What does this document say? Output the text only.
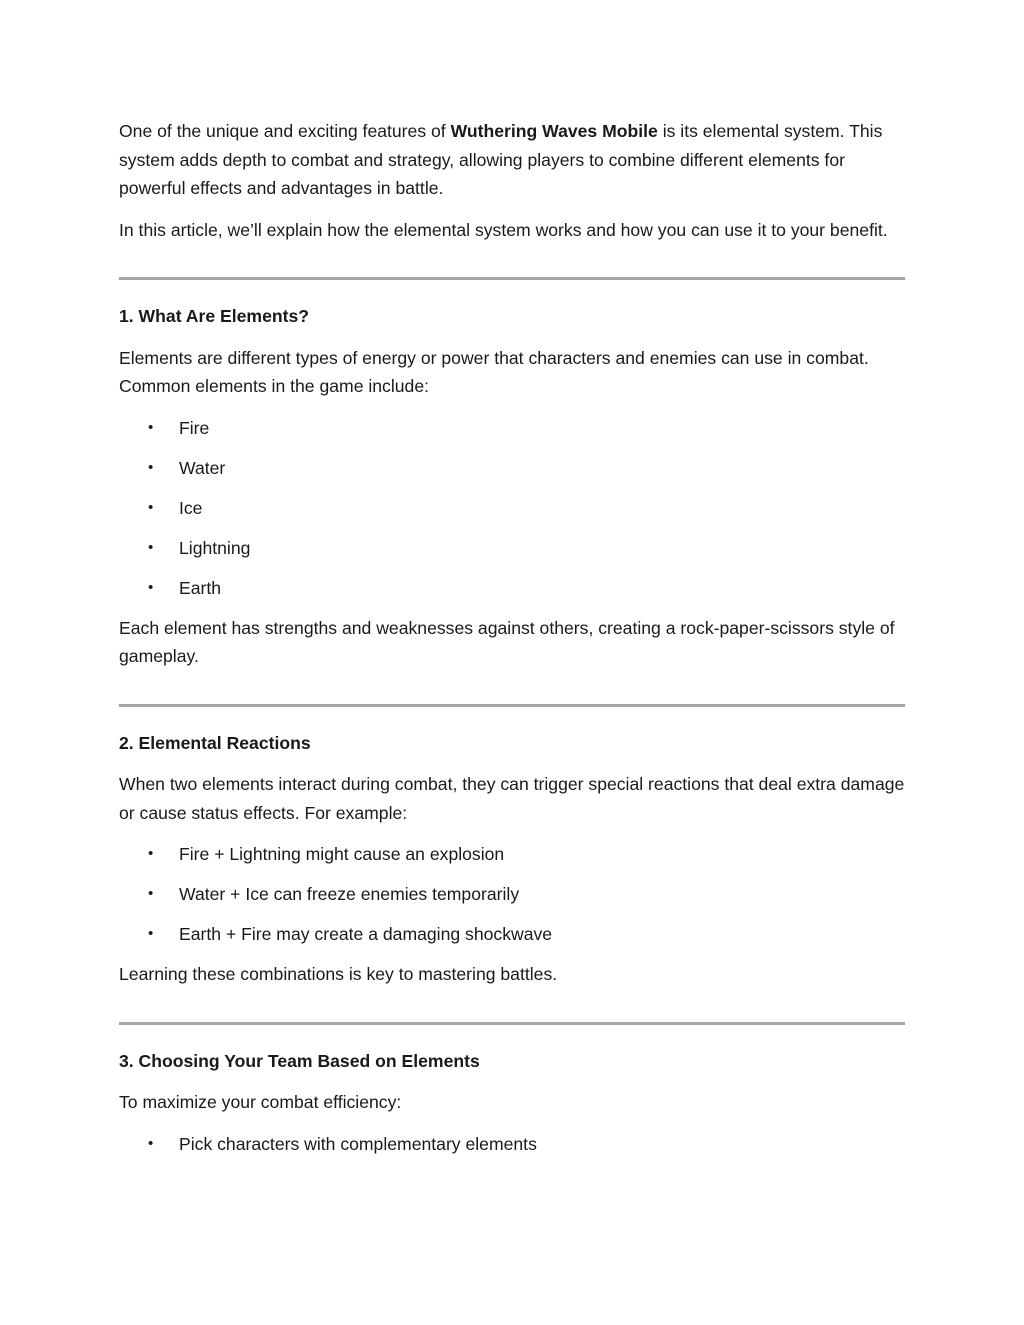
One of the unique and exciting features of Wuthering Waves Mobile is its elemental system. This system adds depth to combat and strategy, allowing players to combine different elements for powerful effects and advantages in battle.

In this article, we’ll explain how the elemental system works and how you can use it to your benefit.

1. What Are Elements?

Elements are different types of energy or power that characters and enemies can use in combat. Common elements in the game include:

• Fire
• Water
• Ice
• Lightning
• Earth

Each element has strengths and weaknesses against others, creating a rock-paper-scissors style of gameplay.

2. Elemental Reactions

When two elements interact during combat, they can trigger special reactions that deal extra damage or cause status effects. For example:

• Fire + Lightning might cause an explosion
• Water + Ice can freeze enemies temporarily
• Earth + Fire may create a damaging shockwave

Learning these combinations is key to mastering battles.

3. Choosing Your Team Based on Elements

To maximize your combat efficiency:

• Pick characters with complementary elements
